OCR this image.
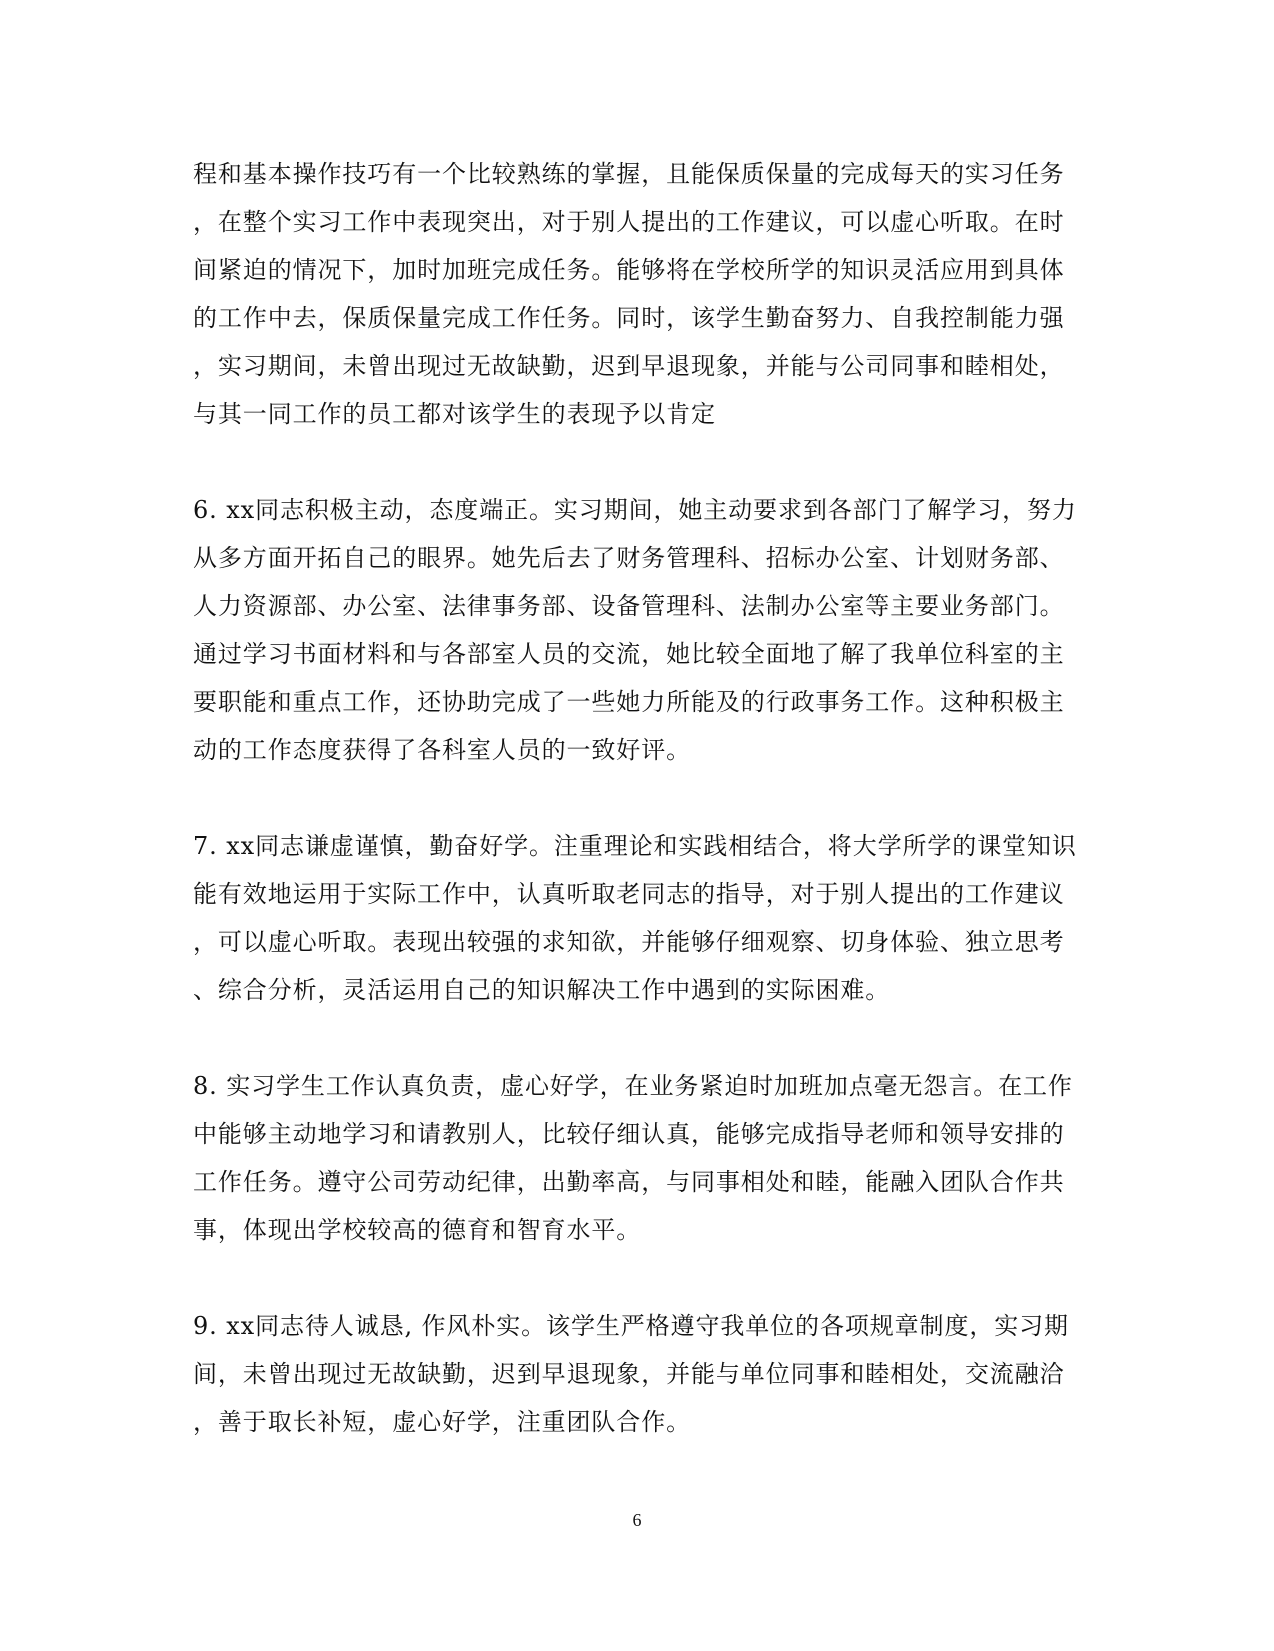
程和基本操作技巧有一个比较熟练的掌握，且能保质保量的完成每天的实习任务
，在整个实习工作中表现突出，对于别人提出的工作建议，可以虚心听取。在时
间紧迫的情况下，加时加班完成任务。能够将在学校所学的知识灵活应用到具体
的工作中去，保质保量完成工作任务。同时，该学生勤奋努力、自我控制能力强
，实习期间，未曾出现过无故缺勤，迟到早退现象，并能与公司同事和睦相处，
与其一同工作的员工都对该学生的表现予以肯定
6. xx同志积极主动，态度端正。实习期间，她主动要求到各部门了解学习，努力
从多方面开拓自己的眼界。她先后去了财务管理科、招标办公室、计划财务部、
人力资源部、办公室、法律事务部、设备管理科、法制办公室等主要业务部门。
通过学习书面材料和与各部室人员的交流，她比较全面地了解了我单位科室的主
要职能和重点工作，还协助完成了一些她力所能及的行政事务工作。这种积极主
动的工作态度获得了各科室人员的一致好评。
7. xx同志谦虚谨慎，勤奋好学。注重理论和实践相结合，将大学所学的课堂知识
能有效地运用于实际工作中，认真听取老同志的指导，对于别人提出的工作建议
，可以虚心听取。表现出较强的求知欲，并能够仔细观察、切身体验、独立思考
、综合分析，灵活运用自己的知识解决工作中遇到的实际困难。
8. 实习学生工作认真负责，虚心好学，在业务紧迫时加班加点毫无怨言。在工作
中能够主动地学习和请教别人，比较仔细认真，能够完成指导老师和领导安排的
工作任务。遵守公司劳动纪律，出勤率高，与同事相处和睦，能融入团队合作共
事，体现出学校较高的德育和智育水平。
9. xx同志待人诚恳, 作风朴实。该学生严格遵守我单位的各项规章制度，实习期
间，未曾出现过无故缺勤，迟到早退现象，并能与单位同事和睦相处，交流融洽
，善于取长补短，虚心好学，注重团队合作。
6
